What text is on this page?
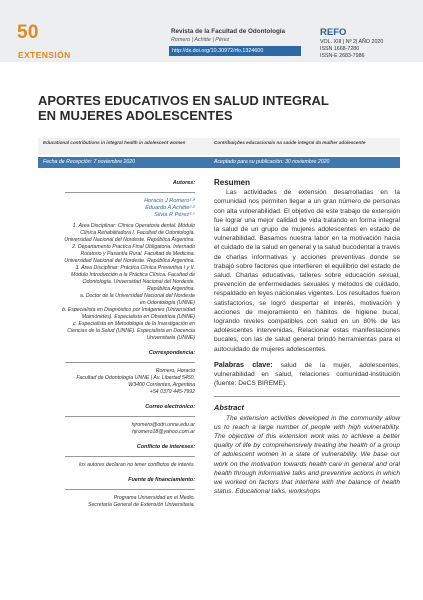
50
EXTENSIÓN
Revista de la Facultad de Odontología
Romero | Achitte | Pérez
http://dx.doi.org/10.30972/rfo.1324600
REFO
VOL. XIII | Nº 2| AÑO 2020
ISSN 1668-7280
ISSN-E 2683-7986
APORTES EDUCATIVOS EN SALUD INTEGRAL
EN MUJERES ADOLESCENTES
Educational contributions in integral health in adolescent women	Contribuições educacionais na saúde integral da mulher adolescente
Fecha de Recepción: 7 noviembre 2020	Aceptado para su publicación: 30 noviembre 2020

Autores:

Horacio J Romero¹·ª

Eduardo A Achitte²·ᵇ

Silvia R Pérez³·ᶜ

1. Área Disciplinar: Clínica Operatoria dental. Módulo

Clínica Rehabilitadora I. Facultad de Odontología.

Universidad Nacional del Nordeste. República Argentina.

2. Departamento Practica Final Obligatoria. Internado

Rotatorio y Pasantía Rural. Facultad de Medicina.

Universidad Nacional del Nordeste. República Argentina.

3. Área Disciplinar: Práctica Clínica Preventiva I y II.

Módulo Introducción a la Práctica Clínica. Facultad de

Odontología. Universidad Nacional del Nordeste.

República Argentina.

a. Doctor de la Universidad Nacional del Nordeste

en Odontología (UNNE)

b. Especialista en Diagnóstico por Imágenes (Universidad

Maimónides). Especialista en Obstetricia (UNNE)

c. Especialista en Metodología de la Investigación en

Ciencias de la Salud (UNNE). Especialista en Docencia

Universitaria (UNNE)

Correspondencia:

Romero, Horacio

Facultad de Odontología UNNE | Av. Libertad 5450,

W3400 Corrientes, Argentina

+54 0379 445-7992

Correo electrónico:

hjromero@odn.unne.edu.ar

hjromero18@yahoo.com.ar

Conflicto de intereses:

los autores declaran no tener conflictos de interés.

Fuente de financiamiento:

Programa Universidad en el Medio.

Secretaría General de Extensión Universitaria.

Resumen

Las actividades de extensión desarrolladas en la comunidad nos permiten llegar a un gran número de personas con alta vulnerabilidad. El objetivo de este trabajo de extensión fue lograr una mejor calidad de vida tratando en forma integral la salud de un grupo de mujeres adolescentes en estado de vulnerabilidad. Basamos nuestra labor en la motivación hacia el cuidado de la salud en general y la salud bucodental a través de charlas informativas y acciones preventivas donde se trabajó sobre factores que interfieren el equilibrio del estado de salud. Charlas educativas, talleres sobre educación sexual, prevención de enfermedades sexuales y métodos de cuidado, respaldado en leyes nacionales vigentes. Los resultados fueron satisfactorios, se logró despertar el interés, motivación y acciones de mejoramiento en hábitos de higiene bucal, logrando niveles compatibles con salud en un 80% de las adolescentes intervenidas. Relacionar estas manifestaciones bucales, con las de salud general brindó herramientas para el autocuidado de mujeres adolescentes.

Palabras clave: salud de la mujer, adolescentes, vulnerabilidad en salud, relaciones comunidad-institución (fuente: DeCS BIREME).

Abstract

The extension activities developed in the community allow us to reach a large number of people with high vulnerability. The objective of this extension work was to achieve a better quality of life by comprehensively treating the health of a group of adolescent women in a state of vulnerability. We base our work on the motivation towards health care in general and oral health through informative talks and preventive actions in which we worked on factors that interfere with the balance of health status. Educational talks, workshops
